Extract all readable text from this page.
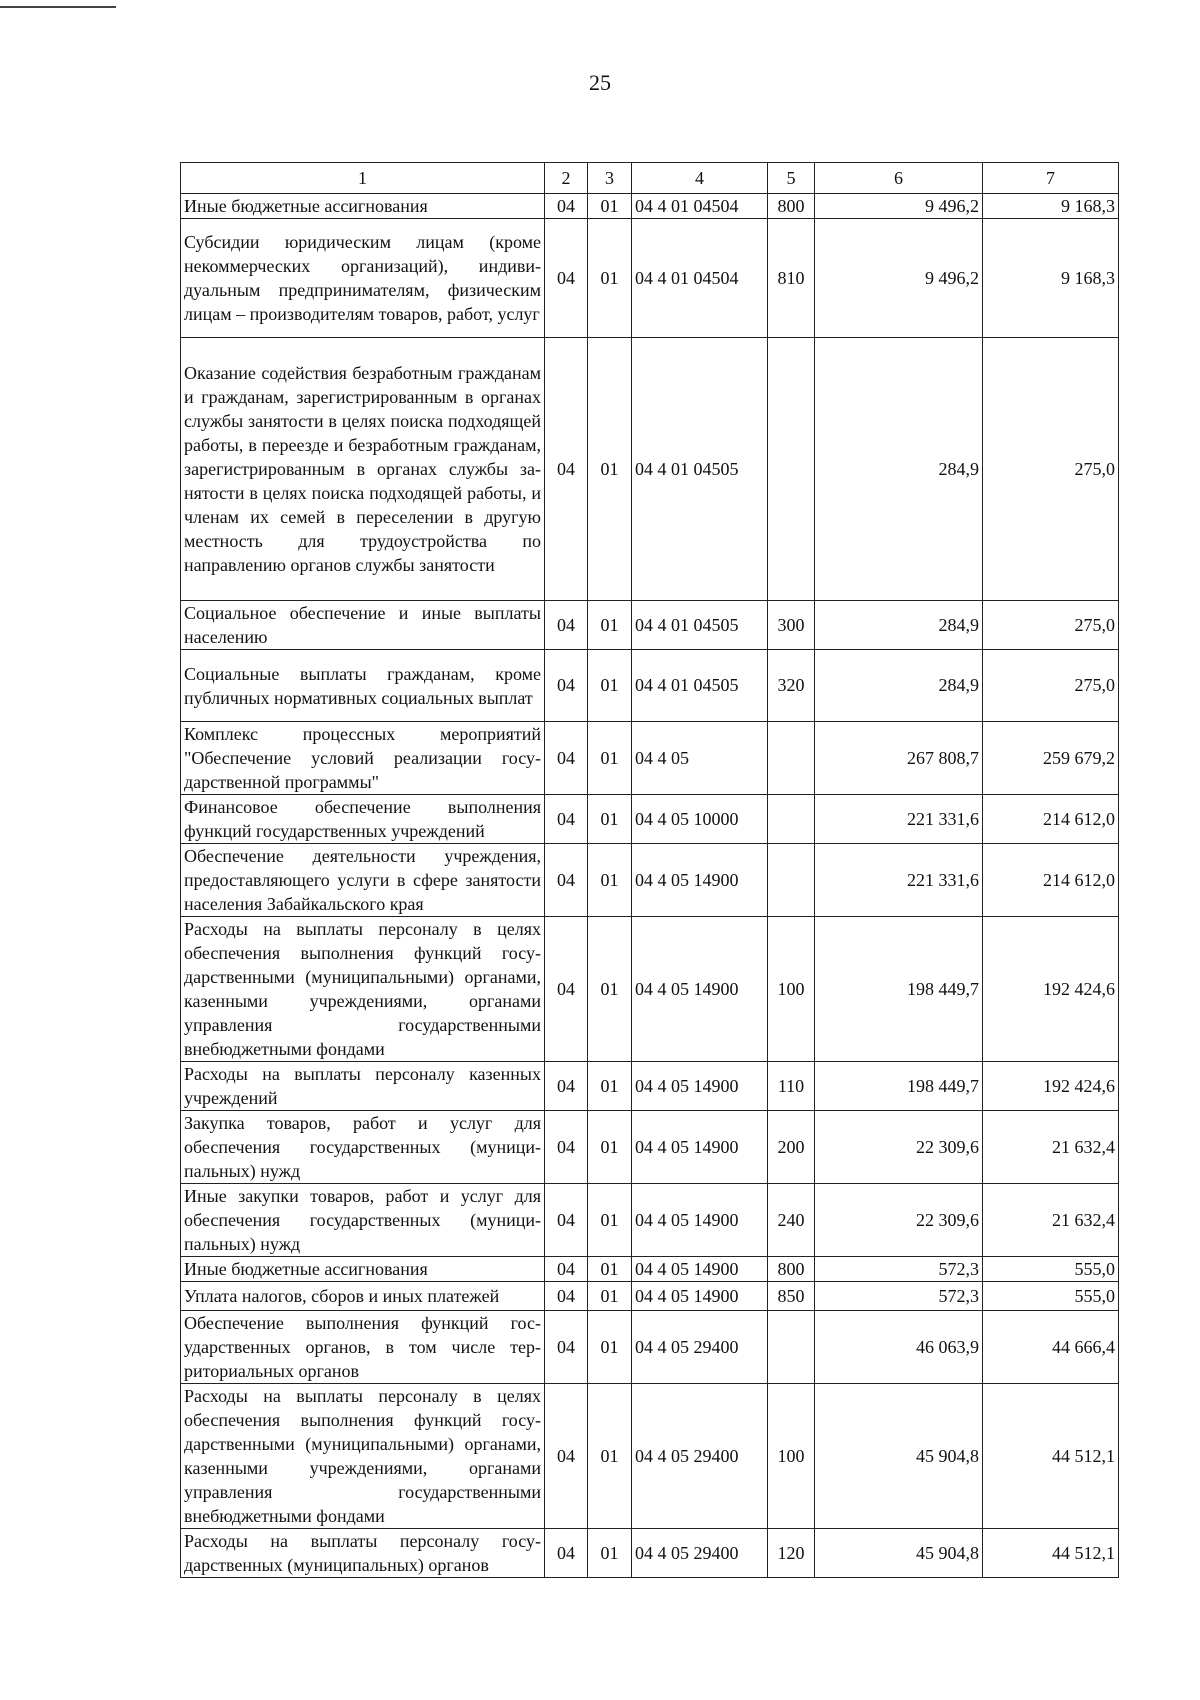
25
1	2	3	4	5	6	7
Иные бюджетные ассигнования	04	01	04 4 01 04504	800	9 496,2	9 168,3
Субсидии юридическим лицам (кроме некоммерческих организаций), индивидуальным предпринимателям, физическим лицам – производителям товаров, работ, услуг	04	01	04 4 01 04504	810	9 496,2	9 168,3
Оказание содействия безработным гражданам и гражданам, зарегистрированным в органах службы занятости в целях поиска подходящей работы, в переезде и безработным гражданам, зарегистрированным в органах службы занятости в целях поиска подходящей работы, и членам их семей в переселении в другую местность для трудоустройства по направлению органов службы занятости	04	01	04 4 01 04505		284,9	275,0
Социальное обеспечение и иные выплаты населению	04	01	04 4 01 04505	300	284,9	275,0
Социальные выплаты гражданам, кроме публичных нормативных социальных выплат	04	01	04 4 01 04505	320	284,9	275,0
Комплекс процессных мероприятий "Обеспечение условий реализации государственной программы"	04	01	04 4 05		267 808,7	259 679,2
Финансовое обеспечение выполнения функций государственных учреждений	04	01	04 4 05 10000		221 331,6	214 612,0
Обеспечение деятельности учреждения, предоставляющего услуги в сфере занятости населения Забайкальского края	04	01	04 4 05 14900		221 331,6	214 612,0
Расходы на выплаты персоналу в целях обеспечения выполнения функций государственными (муниципальными) органами, казенными учреждениями, органами управления государственными внебюджетными фондами	04	01	04 4 05 14900	100	198 449,7	192 424,6
Расходы на выплаты персоналу казенных учреждений	04	01	04 4 05 14900	110	198 449,7	192 424,6
Закупка товаров, работ и услуг для обеспечения государственных (муниципальных) нужд	04	01	04 4 05 14900	200	22 309,6	21 632,4
Иные закупки товаров, работ и услуг для обеспечения государственных (муниципальных) нужд	04	01	04 4 05 14900	240	22 309,6	21 632,4
Иные бюджетные ассигнования	04	01	04 4 05 14900	800	572,3	555,0
Уплата налогов, сборов и иных платежей	04	01	04 4 05 14900	850	572,3	555,0
Обеспечение выполнения функций государственных органов, в том числе территориальных органов	04	01	04 4 05 29400		46 063,9	44 666,4
Расходы на выплаты персоналу в целях обеспечения выполнения функций государственными (муниципальными) органами, казенными учреждениями, органами управления государственными внебюджетными фондами	04	01	04 4 05 29400	100	45 904,8	44 512,1
Расходы на выплаты персоналу государственных (муниципальных) органов	04	01	04 4 05 29400	120	45 904,8	44 512,1
